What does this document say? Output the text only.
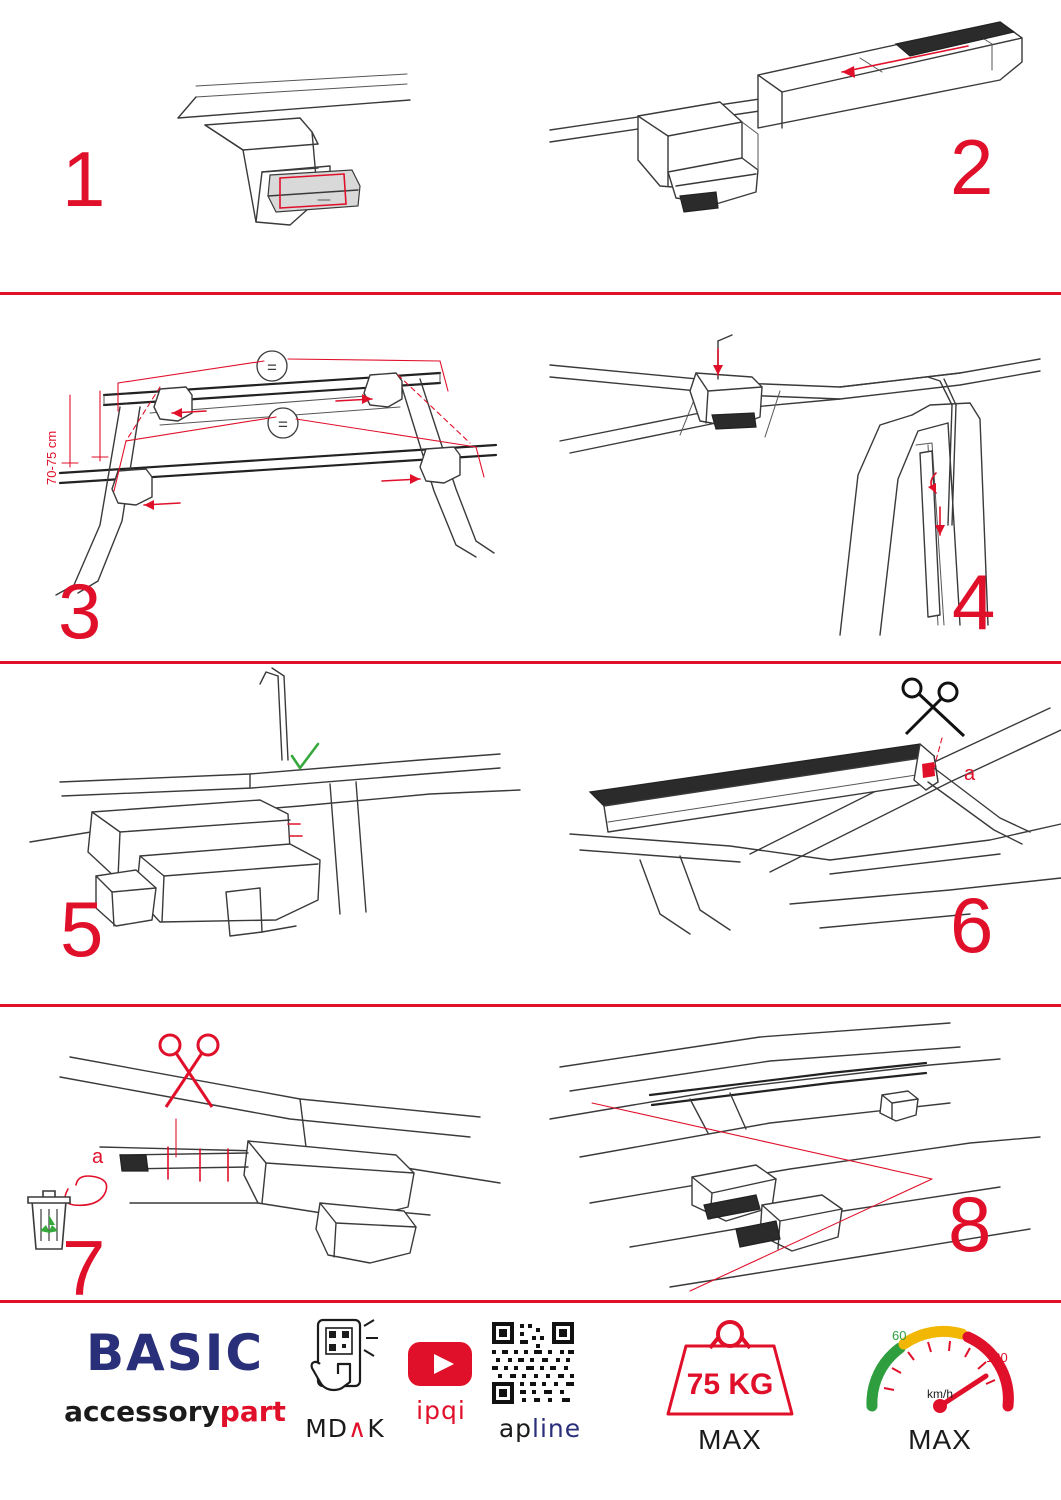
1	2
=
=
70-75 cm
3	4
5
a
6
a
7	8
BASIC
accessorypart
MD∧K
ipqi
apline
75 KG
MAX
60
120
km/h
MAX
